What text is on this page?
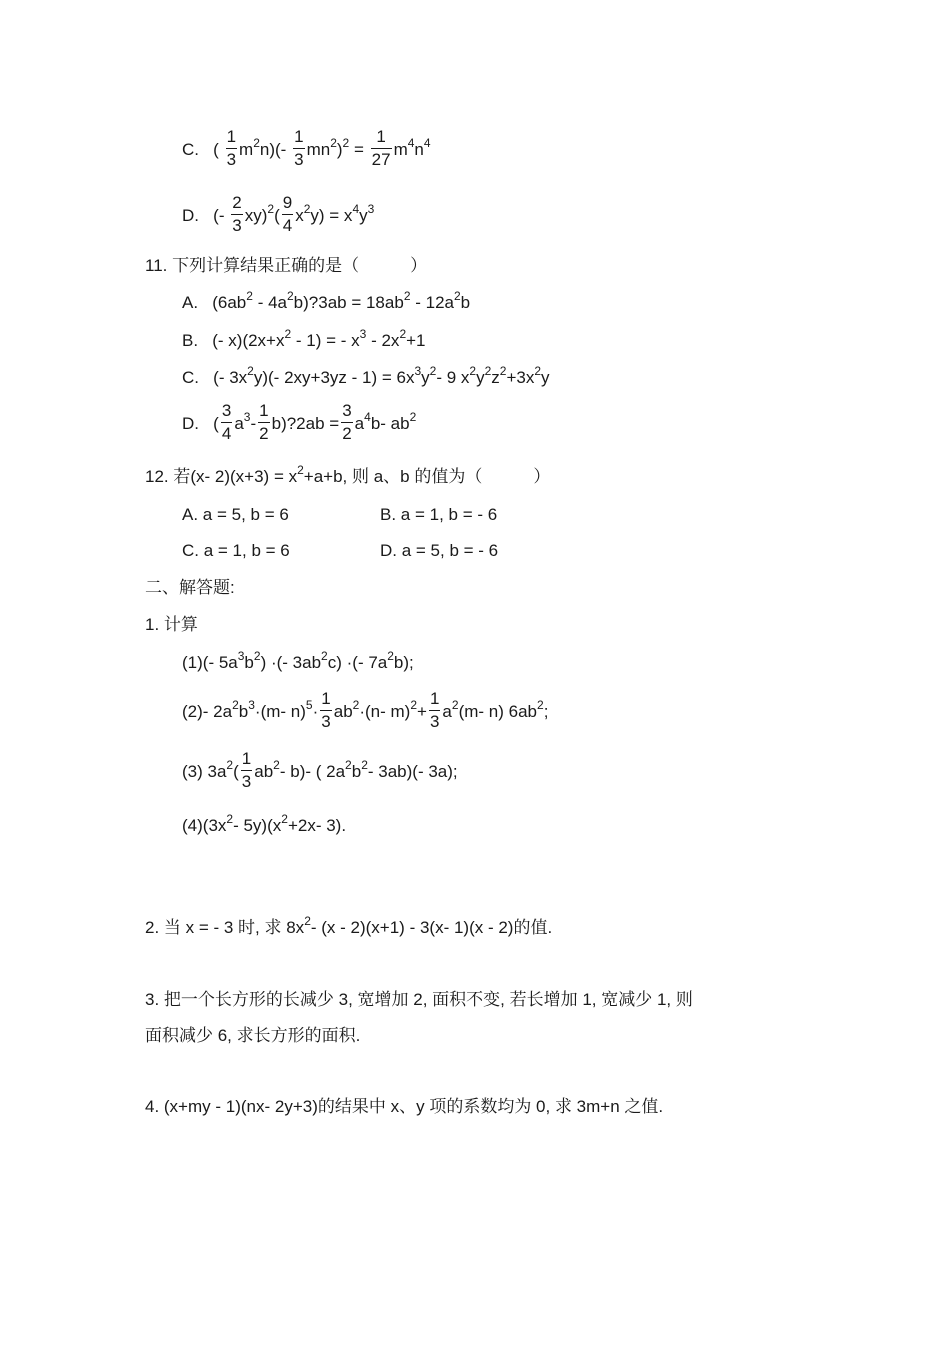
C. ( $\frac{1}{3} m^2n)(- \frac{1}{3} mn^2)^2 = \frac{1}{27} m^4n^4$
D. (- $\frac{2}{3} xy)^2( \frac{9}{4} x^2y) = x^4y^3$
11. 下列计算结果正确的是（　　　）
A. ($6ab^2$ - $4a^2b)?3ab = 18ab^2 - 12a^2b$
B. (- $x)(2x+x^2 - 1)$ = - $x^3 - 2x^2+1$
C. (- $3x^2y)(-$ $2xy+3yz - 1) = 6x^3y^2-$ 9 $x^2y^2z^2+3x^2y$
D. ( $\frac{3}{4} a^3- \frac{1}{2}$ b)?2ab = $\frac{3}{2} a^4b-$ $ab^2$
12. 若(x- $2)(x+3) = x^2+a+b$, 则 a、b 的值为（　　　）
A. a = 5, b = 6	B. a = 1, b = - 6
C. a = 1, b = 6	D. a = 5, b = - 6
二、解答题:
1. 计算
(1)(- $5a^3b^2$) ·(- $3ab^2c$) ·(- $7a^2b$);
(2)- $2a^2b^3\cdot(m-$ $n)^5\cdot \frac{1}{3} ab^2\cdot(n-$ $m)^2+ \frac{1}{3} a^2(m-$ n) $6ab^2$;
(3) $3a^2( \frac{1}{3} ab^2-$ b)- ( $2a^2b^2-$ 3ab)(- 3a);
$(4)(3x^2-$ $5y)(x^2+2x-$ 3).
2. 当 x = - 3 时, 求 $8x^2-$ (x - 2)(x+1) - 3(x- 1)(x - 2)的值.
3. 把一个长方形的长减少 3, 宽增加 2, 面积不变, 若长增加 1, 宽减少 1, 则
面积减少 6, 求长方形的面积.
4. (x+my - 1)(nx- 2y+3)的结果中 x、y 项的系数均为 0, 求 3m+n 之值.
